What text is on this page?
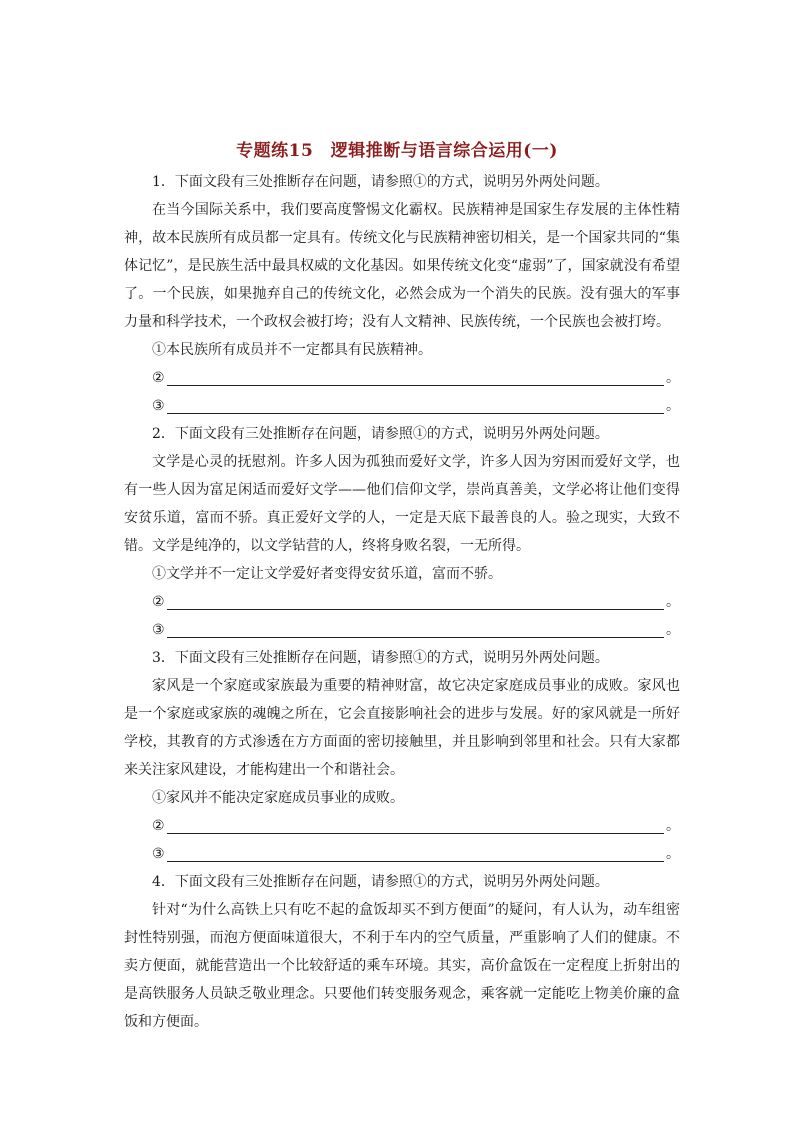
专题练15　逻辑推断与语言综合运用(一)

1．下面文段有三处推断存在问题，请参照①的方式，说明另外两处问题。

在当今国际关系中，我们要高度警惕文化霸权。民族精神是国家生存发展的主体性精神，故本民族所有成员都一定具有。传统文化与民族精神密切相关，是一个国家共同的“集体记忆”，是民族生活中最具权威的文化基因。如果传统文化变“虚弱”了，国家就没有希望了。一个民族，如果抛弃自己的传统文化，必然会成为一个消失的民族。没有强大的军事力量和科学技术，一个政权会被打垮；没有人文精神、民族传统，一个民族也会被打垮。

①本民族所有成员并不一定都具有民族精神。

②	。
③	。

2．下面文段有三处推断存在问题，请参照①的方式，说明另外两处问题。

文学是心灵的抚慰剂。许多人因为孤独而爱好文学，许多人因为穷困而爱好文学，也有一些人因为富足闲适而爱好文学——他们信仰文学，崇尚真善美，文学必将让他们变得安贫乐道，富而不骄。真正爱好文学的人，一定是天底下最善良的人。验之现实，大致不错。文学是纯净的，以文学钻营的人，终将身败名裂，一无所得。

①文学并不一定让文学爱好者变得安贫乐道，富而不骄。

②	。
③	。

3．下面文段有三处推断存在问题，请参照①的方式，说明另外两处问题。

家风是一个家庭或家族最为重要的精神财富，故它决定家庭成员事业的成败。家风也是一个家庭或家族的魂魄之所在，它会直接影响社会的进步与发展。好的家风就是一所好学校，其教育的方式渗透在方方面面的密切接触里，并且影响到邻里和社会。只有大家都来关注家风建设，才能构建出一个和谐社会。

①家风并不能决定家庭成员事业的成败。

②	。
③	。

4．下面文段有三处推断存在问题，请参照①的方式，说明另外两处问题。

针对“为什么高铁上只有吃不起的盒饭却买不到方便面”的疑问，有人认为，动车组密封性特别强，而泡方便面味道很大，不利于车内的空气质量，严重影响了人们的健康。不卖方便面，就能营造出一个比较舒适的乘车环境。其实，高价盒饭在一定程度上折射出的是高铁服务人员缺乏敬业理念。只要他们转变服务观念，乘客就一定能吃上物美价廉的盒饭和方便面。
